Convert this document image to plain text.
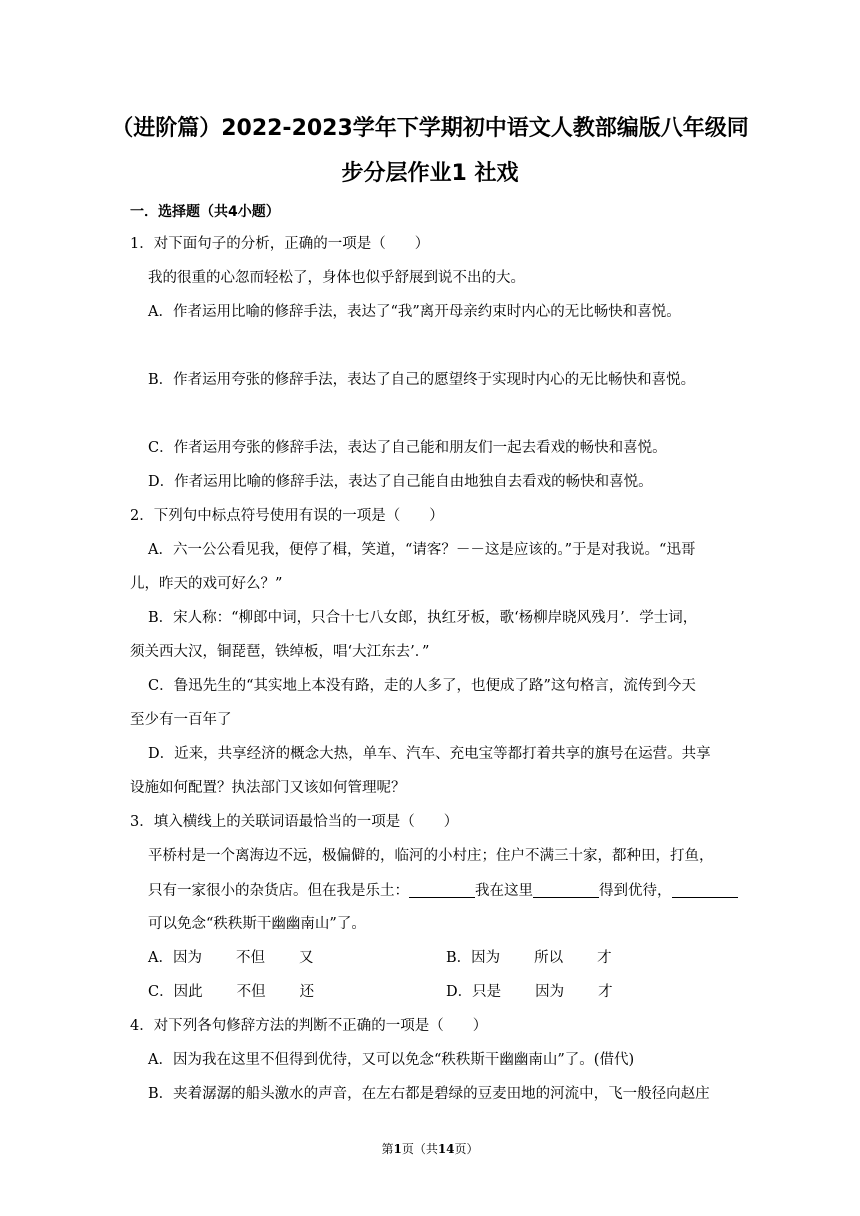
（进阶篇）2022-2023学年下学期初中语文人教部编版八年级同
步分层作业1 社戏
一．选择题（共4小题）
1．对下面句子的分析，正确的一项是（　　）
我的很重的心忽而轻松了，身体也似乎舒展到说不出的大。
A．作者运用比喻的修辞手法，表达了“我”离开母亲约束时内心的无比畅快和喜悦。
B．作者运用夸张的修辞手法，表达了自己的愿望终于实现时内心的无比畅快和喜悦。
C．作者运用夸张的修辞手法，表达了自己能和朋友们一起去看戏的畅快和喜悦。
D．作者运用比喻的修辞手法，表达了自己能自由地独自去看戏的畅快和喜悦。
2．下列句中标点符号使用有误的一项是（　　）
A．六一公公看见我，便停了楫，笑道，“请客？－－这是应该的。”于是对我说。“迅哥
儿，昨天的戏可好么？”
B．宋人称：“柳郎中词，只合十七八女郎，执红牙板，歌‘杨柳岸晓风残月’．学士词，
须关西大汉，铜琵琶，铁绰板，唱‘大江东去’．”
C．鲁迅先生的“其实地上本没有路，走的人多了，也便成了路”这句格言，流传到今天
至少有一百年了
D．近来，共享经济的概念大热，单车、汽车、充电宝等都打着共享的旗号在运营。共享
设施如何配置？执法部门又该如何管理呢？
3．填入横线上的关联词语最恰当的一项是（　　）
平桥村是一个离海边不远，极偏僻的，临河的小村庄；住户不满三十家，都种田，打鱼，
只有一家很小的杂货店。但在我是乐土：	我在这里	得到优待，
可以免念“秩秩斯干幽幽南山”了。
A．因为 不但 又	B．因为 所以 才
C．因此 不但 还	D．只是 因为 才
4．对下列各句修辞方法的判断不正确的一项是（　　）
A．因为我在这里不但得到优待，又可以免念“秩秩斯干幽幽南山”了。(借代)
B．夹着潺潺的船头激水的声音，在左右都是碧绿的豆麦田地的河流中，飞一般径向赵庄
第1页（共14页）
